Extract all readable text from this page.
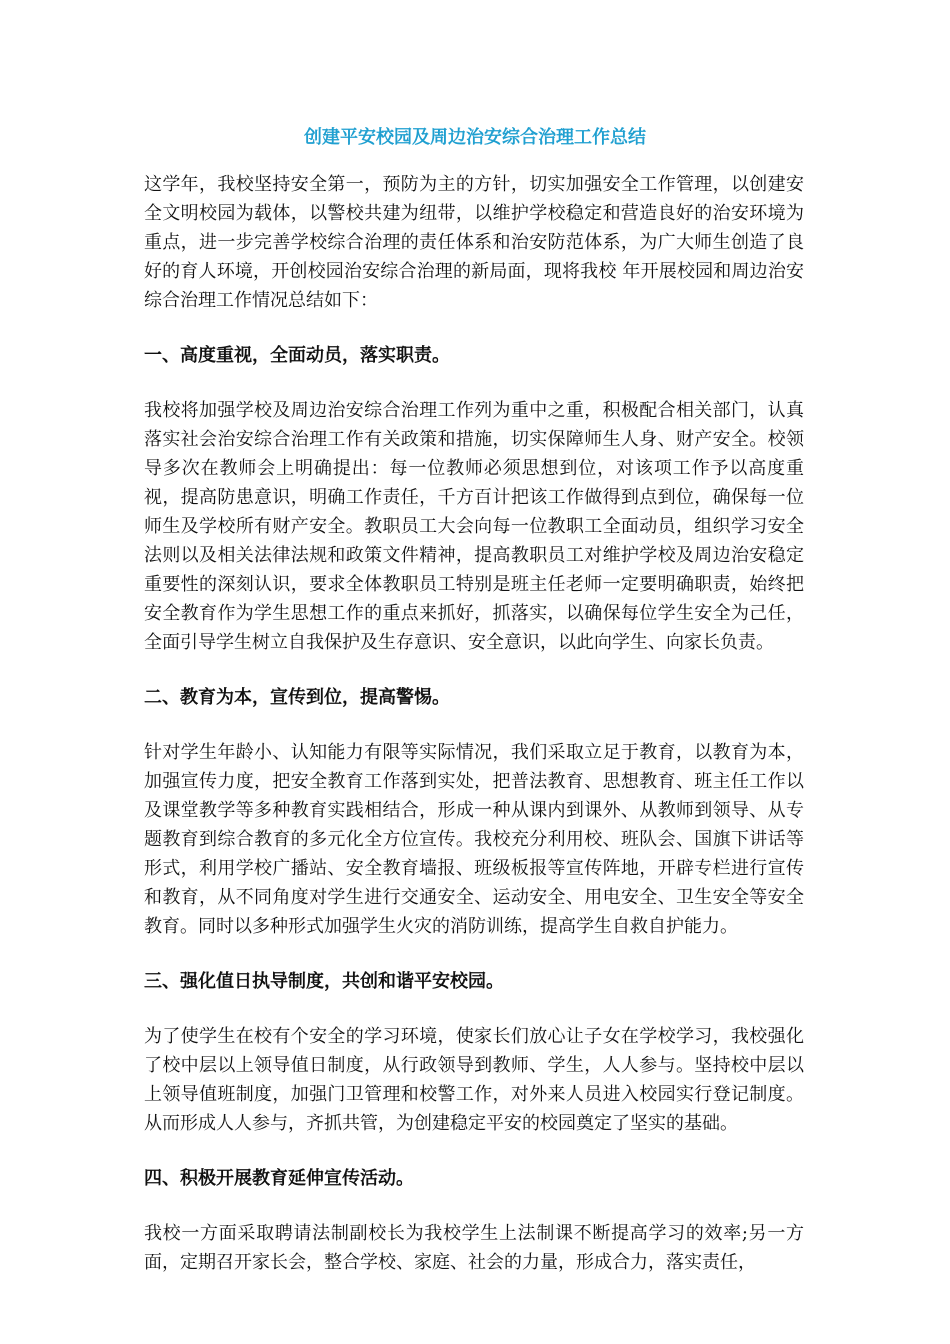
创建平安校园及周边治安综合治理工作总结

这学年，我校坚持安全第一，预防为主的方针，切实加强安全工作管理，以创建安全文明校园为载体，以警校共建为纽带，以维护学校稳定和营造良好的治安环境为重点，进一步完善学校综合治理的责任体系和治安防范体系，为广大师生创造了良好的育人环境，开创校园治安综合治理的新局面，现将我校 年开展校园和周边治安综合治理工作情况总结如下：

一、高度重视，全面动员，落实职责。

我校将加强学校及周边治安综合治理工作列为重中之重，积极配合相关部门，认真落实社会治安综合治理工作有关政策和措施，切实保障师生人身、财产安全。校领导多次在教师会上明确提出：每一位教师必须思想到位，对该项工作予以高度重视，提高防患意识，明确工作责任，千方百计把该工作做得到点到位，确保每一位师生及学校所有财产安全。教职员工大会向每一位教职工全面动员，组织学习安全法则以及相关法律法规和政策文件精神，提高教职员工对维护学校及周边治安稳定重要性的深刻认识，要求全体教职员工特别是班主任老师一定要明确职责，始终把安全教育作为学生思想工作的重点来抓好，抓落实，以确保每位学生安全为己任，全面引导学生树立自我保护及生存意识、安全意识，以此向学生、向家长负责。

二、教育为本，宣传到位，提高警惕。

针对学生年龄小、认知能力有限等实际情况，我们采取立足于教育，以教育为本，加强宣传力度，把安全教育工作落到实处，把普法教育、思想教育、班主任工作以及课堂教学等多种教育实践相结合，形成一种从课内到课外、从教师到领导、从专题教育到综合教育的多元化全方位宣传。我校充分利用校、班队会、国旗下讲话等形式，利用学校广播站、安全教育墙报、班级板报等宣传阵地，开辟专栏进行宣传和教育，从不同角度对学生进行交通安全、运动安全、用电安全、卫生安全等安全教育。同时以多种形式加强学生火灾的消防训练，提高学生自救自护能力。

三、强化值日执导制度，共创和谐平安校园。

为了使学生在校有个安全的学习环境，使家长们放心让子女在学校学习，我校强化了校中层以上领导值日制度，从行政领导到教师、学生，人人参与。坚持校中层以上领导值班制度，加强门卫管理和校警工作，对外来人员进入校园实行登记制度。从而形成人人参与，齐抓共管，为创建稳定平安的校园奠定了坚实的基础。

四、积极开展教育延伸宣传活动。

我校一方面采取聘请法制副校长为我校学生上法制课不断提高学习的效率;另一方面，定期召开家长会，整合学校、家庭、社会的力量，形成合力，落实责任，
